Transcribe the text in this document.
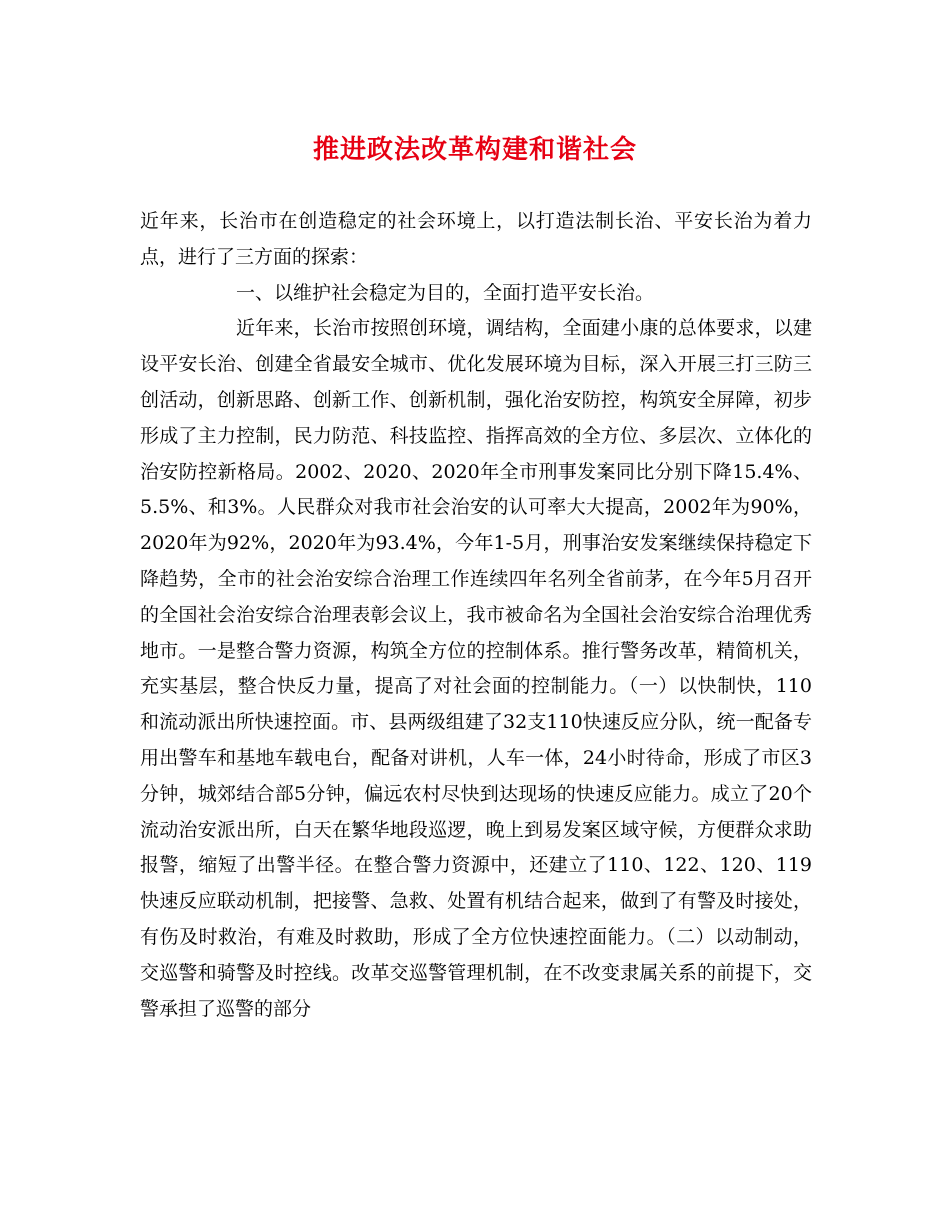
推进政法改革构建和谐社会

近年来，长治市在创造稳定的社会环境上，以打造法制长治、平安长治为着力点，进行了三方面的探索：

一、以维护社会稳定为目的，全面打造平安长治。

近年来，长治市按照创环境，调结构，全面建小康的总体要求，以建设平安长治、创建全省最安全城市、优化发展环境为目标，深入开展三打三防三创活动，创新思路、创新工作、创新机制，强化治安防控，构筑安全屏障，初步形成了主力控制，民力防范、科技监控、指挥高效的全方位、多层次、立体化的治安防控新格局。2002、2020、2020年全市刑事发案同比分别下降15.4%、5.5%、和3%。人民群众对我市社会治安的认可率大大提高，2002年为90%，2020年为92%，2020年为93.4%，今年1-5月，刑事治安发案继续保持稳定下降趋势，全市的社会治安综合治理工作连续四年名列全省前茅，在今年5月召开的全国社会治安综合治理表彰会议上，我市被命名为全国社会治安综合治理优秀地市。一是整合警力资源，构筑全方位的控制体系。推行警务改革，精简机关，充实基层，整合快反力量，提高了对社会面的控制能力。（一）以快制快，110和流动派出所快速控面。市、县两级组建了32支110快速反应分队，统一配备专用出警车和基地车载电台，配备对讲机，人车一体，24小时待命，形成了市区3分钟，城郊结合部5分钟，偏远农村尽快到达现场的快速反应能力。成立了20个流动治安派出所，白天在繁华地段巡逻，晚上到易发案区域守候，方便群众求助报警，缩短了出警半径。在整合警力资源中，还建立了110、122、120、119快速反应联动机制，把接警、急救、处置有机结合起来，做到了有警及时接处，有伤及时救治，有难及时救助，形成了全方位快速控面能力。（二）以动制动，交巡警和骑警及时控线。改革交巡警管理机制，在不改变隶属关系的前提下，交警承担了巡警的部分
